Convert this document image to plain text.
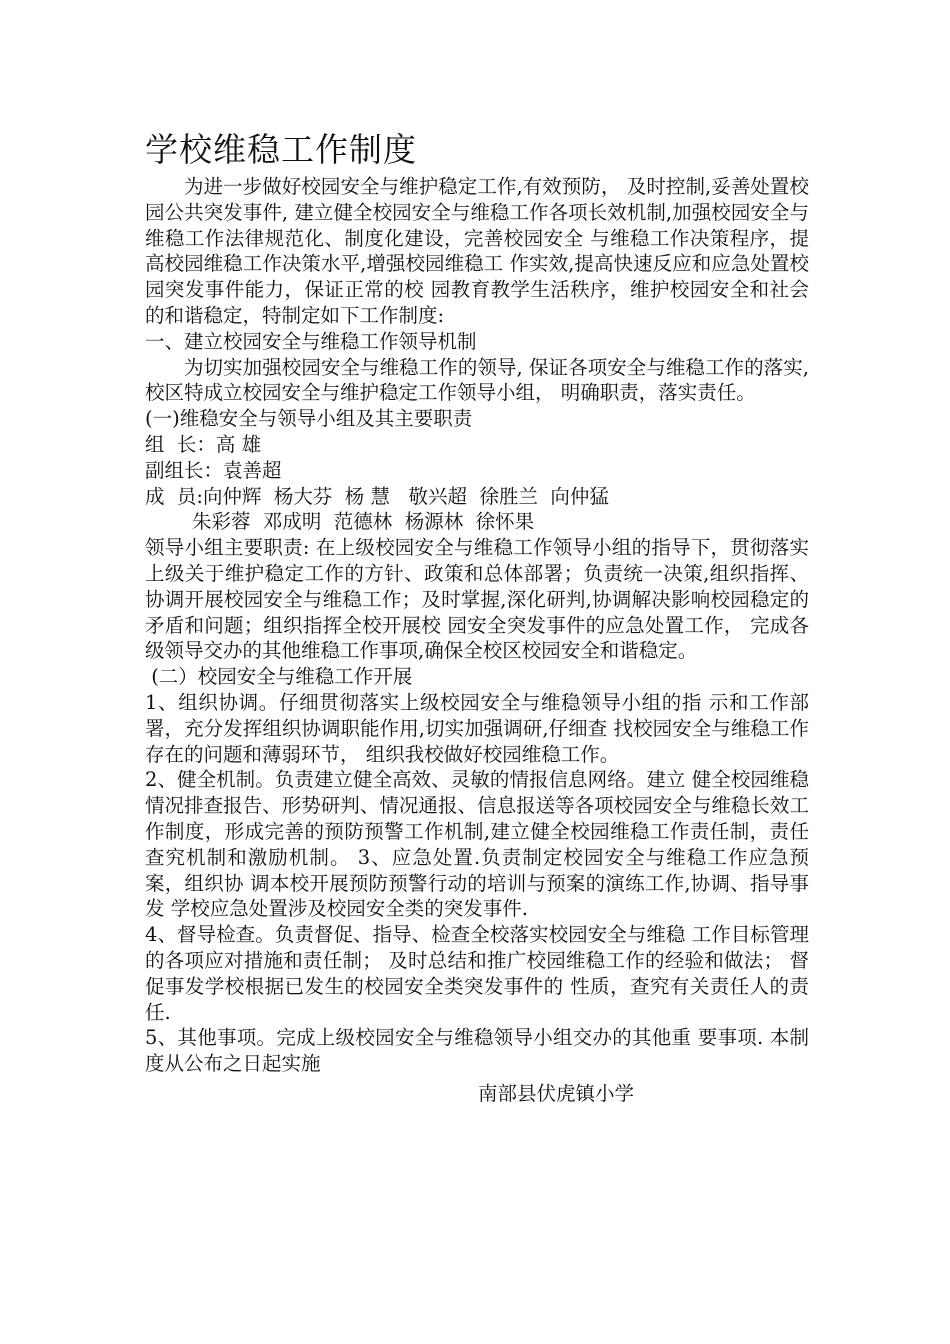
学校维稳工作制度

为进一步做好校园安全与维护稳定工作,有效预防， 及时控制,妥善处置校园公共突发事件, 建立健全校园安全与维稳工作各项长效机制,加强校园安全与维稳工作法律规范化、制度化建设，完善校园安全 与维稳工作决策程序，提高校园维稳工作决策水平,增强校园维稳工 作实效,提高快速反应和应急处置校园突发事件能力，保证正常的校 园教育教学生活秩序，维护校园安全和社会的和谐稳定，特制定如下工作制度:

一、建立校园安全与维稳工作领导机制

为切实加强校园安全与维稳工作的领导, 保证各项安全与维稳工作的落实, 校区特成立校园安全与维护稳定工作领导小组， 明确职责，落实责任。

(一)维稳安全与领导小组及其主要职责

组  长：高 雄

副组长：袁善超

成  员:向仲辉  杨大芬  杨 慧   敬兴超  徐胜兰  向仲猛

朱彩蓉  邓成明  范德林  杨源林  徐怀果

领导小组主要职责: 在上级校园安全与维稳工作领导小组的指导下，贯彻落实上级关于维护稳定工作的方针、政策和总体部署；负责统一决策,组织指挥、协调开展校园安全与维稳工作；及时掌握,深化研判,协调解决影响校园稳定的矛盾和问题；组织指挥全校开展校 园安全突发事件的应急处置工作， 完成各级领导交办的其他维稳工作事项,确保全校区校园安全和谐稳定。

(二）校园安全与维稳工作开展

1、组织协调。仔细贯彻落实上级校园安全与维稳领导小组的指 示和工作部署，充分发挥组织协调职能作用,切实加强调研,仔细查 找校园安全与维稳工作存在的问题和薄弱环节， 组织我校做好校园维稳工作。

2、健全机制。负责建立健全高效、灵敏的情报信息网络。建立 健全校园维稳情况排查报告、形势研判、情况通报、信息报送等各项校园安全与维稳长效工作制度，形成完善的预防预警工作机制,建立健全校园维稳工作责任制，责任查究机制和激励机制。 3、应急处置.负责制定校园安全与维稳工作应急预案，组织协 调本校开展预防预警行动的培训与预案的演练工作,协调、指导事发 学校应急处置涉及校园安全类的突发事件.

4、督导检查。负责督促、指导、检查全校落实校园安全与维稳 工作目标管理的各项应对措施和责任制； 及时总结和推广校园维稳工作的经验和做法； 督促事发学校根据已发生的校园安全类突发事件的 性质，查究有关责任人的责任.

5、其他事项。完成上级校园安全与维稳领导小组交办的其他重 要事项. 本制度从公布之日起实施

南部县伏虎镇小学
